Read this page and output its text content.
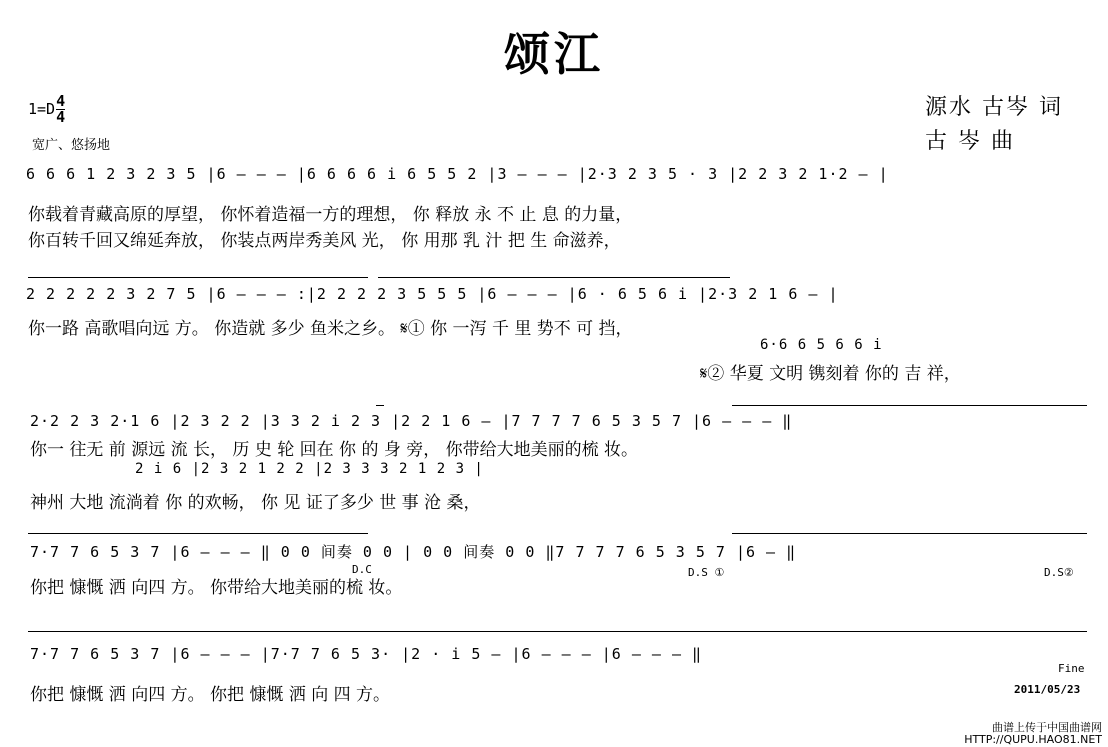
颂江
$1=D \frac{4}{4}$
宽广、悠扬地
源水 古岑 词
古 岑 曲
6 6 6 1 2 3 2 3 5 |6 — — — |6 6 6 6 i 6 5 5 2 |3 — — — |2·3 2 3 5 · 3 |2 2 3 2 1·2 — |
你载着青藏高原的厚望， 你怀着造福一方的理想， 你 释放 永 不 止 息 的力量，
你百转千回又绵延奔放， 你装点两岸秀美风 光， 你 用那 乳 汁 把 生 命滋养，
2 2 2 2 2 3 2 7 5 |6 — — — :|2 2 2 2 3 5 5 5 |6 — — — |6 · 6 5 6 i |2·3 2 1 6 — |
你一路 高歌唱向远 方。 你造就 多少 鱼米之乡。 𝄋① 你 一泻 千 里 势不 可 挡，
6·6 6 5 6 6 i
𝄋② 华夏 文明 镌刻着 你的 吉 祥，
2·2 2 3 2·1 6 |2 3 2 2 |3 3 2 i 2 3 |2 2 1 6 — |7 7 7 7 6 5 3 5 7 |6 — — — ‖
你一 往无 前 源远 流 长， 历 史 轮 回在 你 的 身 旁， 你带给大地美丽的梳 妆。
2 i 6 |2 3 2 1 2 2 |2 3 3 3 2 1 2 3 |
神州 大地 流淌着 你 的欢畅， 你 见 证了多少 世 事 沧 桑，
7·7 7 6 5 3 7 |6 — — — ‖ 0 0 间奏 0 0 | 0 0 间奏 0 0 ‖7 7 7 7 6 5 3 5 7 |6 — ‖
D.C	D.S ①	D.S②
你把 慷慨 洒 向四 方。 你带给大地美丽的梳 妆。
7·7 7 6 5 3 7 |6 — — — |7·7 7 6 5 3· |2 · i 5 — |6 — — — |6 — — — ‖
Fine
你把 慷慨 洒 向四 方。 你把 慷慨 洒 向 四 方。	2011/05/23
曲谱上传于中国曲谱网
HTTP://QUPU.HAO81.NET
